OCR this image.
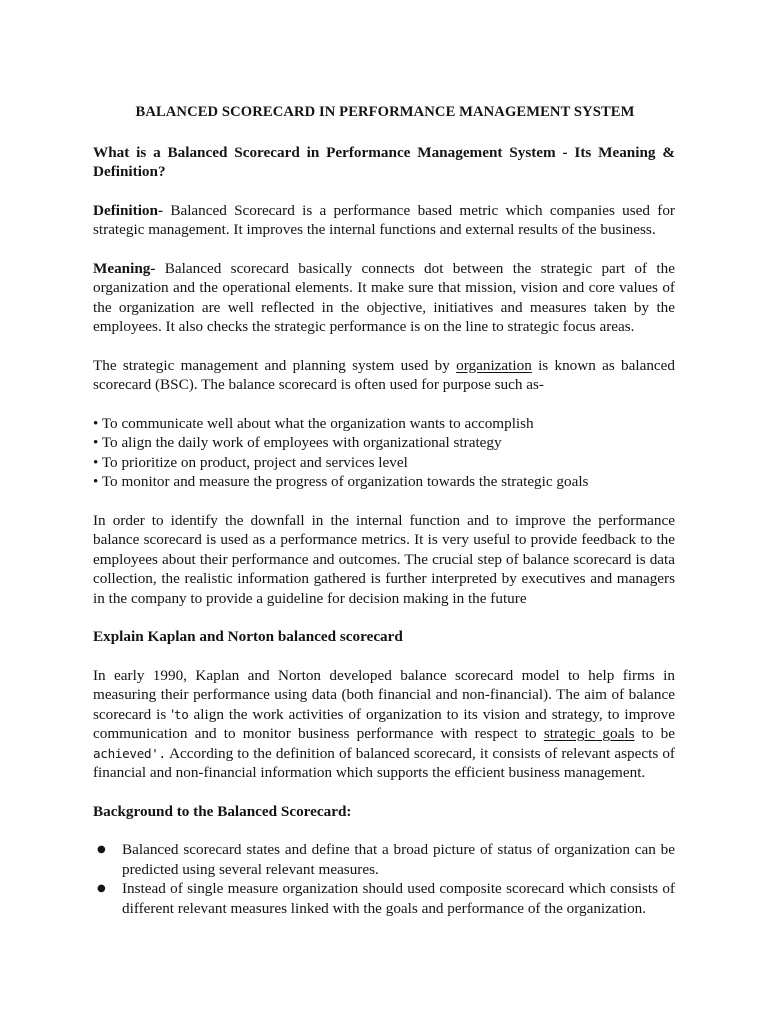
BALANCED SCORECARD IN PERFORMANCE MANAGEMENT SYSTEM

What is a Balanced Scorecard in Performance Management System - Its Meaning & Definition?

Definition- Balanced Scorecard is a performance based metric which companies used for strategic management. It improves the internal functions and external results of the business.

Meaning- Balanced scorecard basically connects dot between the strategic part of the organization and the operational elements. It make sure that mission, vision and core values of the organization are well reflected in the objective, initiatives and measures taken by the employees. It also checks the strategic performance is on the line to strategic focus areas.

The strategic management and planning system used by organization is known as balanced scorecard (BSC). The balance scorecard is often used for purpose such as-

• To communicate well about what the organization wants to accomplish
• To align the daily work of employees with organizational strategy
• To prioritize on product, project and services level
• To monitor and measure the progress of organization towards the strategic goals

In order to identify the downfall in the internal function and to improve the performance balance scorecard is used as a performance metrics. It is very useful to provide feedback to the employees about their performance and outcomes. The crucial step of balance scorecard is data collection, the realistic information gathered is further interpreted by executives and managers in the company to provide a guideline for decision making in the future

Explain Kaplan and Norton balanced scorecard

In early 1990, Kaplan and Norton developed balance scorecard model to help firms in measuring their performance using data (both financial and non-financial). The aim of balance scorecard is 'to align the work activities of organization to its vision and strategy, to improve communication and to monitor business performance with respect to strategic goals to be achieved'. According to the definition of balanced scorecard, it consists of relevant aspects of financial and non-financial information which supports the efficient business management.

Background to the Balanced Scorecard:

● Balanced scorecard states and define that a broad picture of status of organization can be predicted using several relevant measures.
● Instead of single measure organization should used composite scorecard which consists of different relevant measures linked with the goals and performance of the organization.
